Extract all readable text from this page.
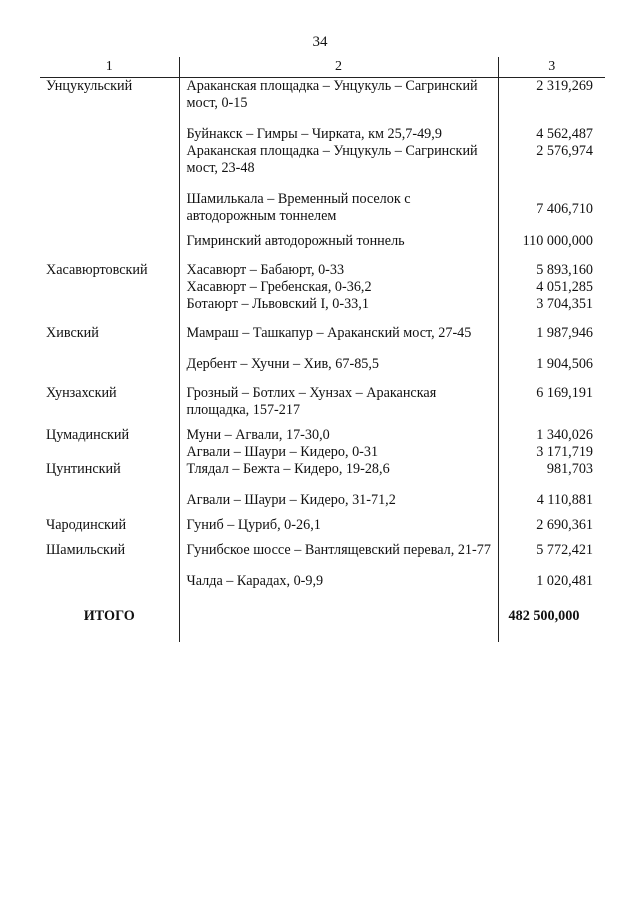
34
1	2	3
Унцукульский	Араканская площадка – Унцукуль – Сагринский мост, 0-15	2 319,269
	Буйнакск – Гимры – Чирката, км 25,7-49,9	4 562,487
	Араканская площадка – Унцукуль – Сагринский мост, 23-48	2 576,974
	Шамилькала – Временный поселок с автодорожным тоннелем	7 406,710
	Гимринский автодорожный тоннель	110 000,000
Хасавюртовский	Хасавюрт – Бабаюрт, 0-33	5 893,160
	Хасавюрт – Гребенская, 0-36,2	4 051,285
	Ботаюрт – Львовский I, 0-33,1	3 704,351
Хивский	Мамраш – Ташкапур – Араканский мост, 27-45	1 987,946
	Дербент – Хучни – Хив, 67-85,5	1 904,506
Хунзахский	Грозный – Ботлих – Хунзах – Араканская площадка, 157-217	6 169,191
Цумадинский	Муни – Агвали, 17-30,0	1 340,026
	Агвали – Шаури – Кидеро, 0-31	3 171,719
Цунтинский	Тлядал – Бежта – Кидеро, 19-28,6	981,703
	Агвали – Шаури – Кидеро, 31-71,2	4 110,881
Чародинский	Гуниб – Цуриб, 0-26,1	2 690,361
Шамильский	Гунибское шоссе – Вантлящевский перевал, 21-77	5 772,421
	Чалда – Карадах, 0-9,9	1 020,481
ИТОГО		482 500,000
